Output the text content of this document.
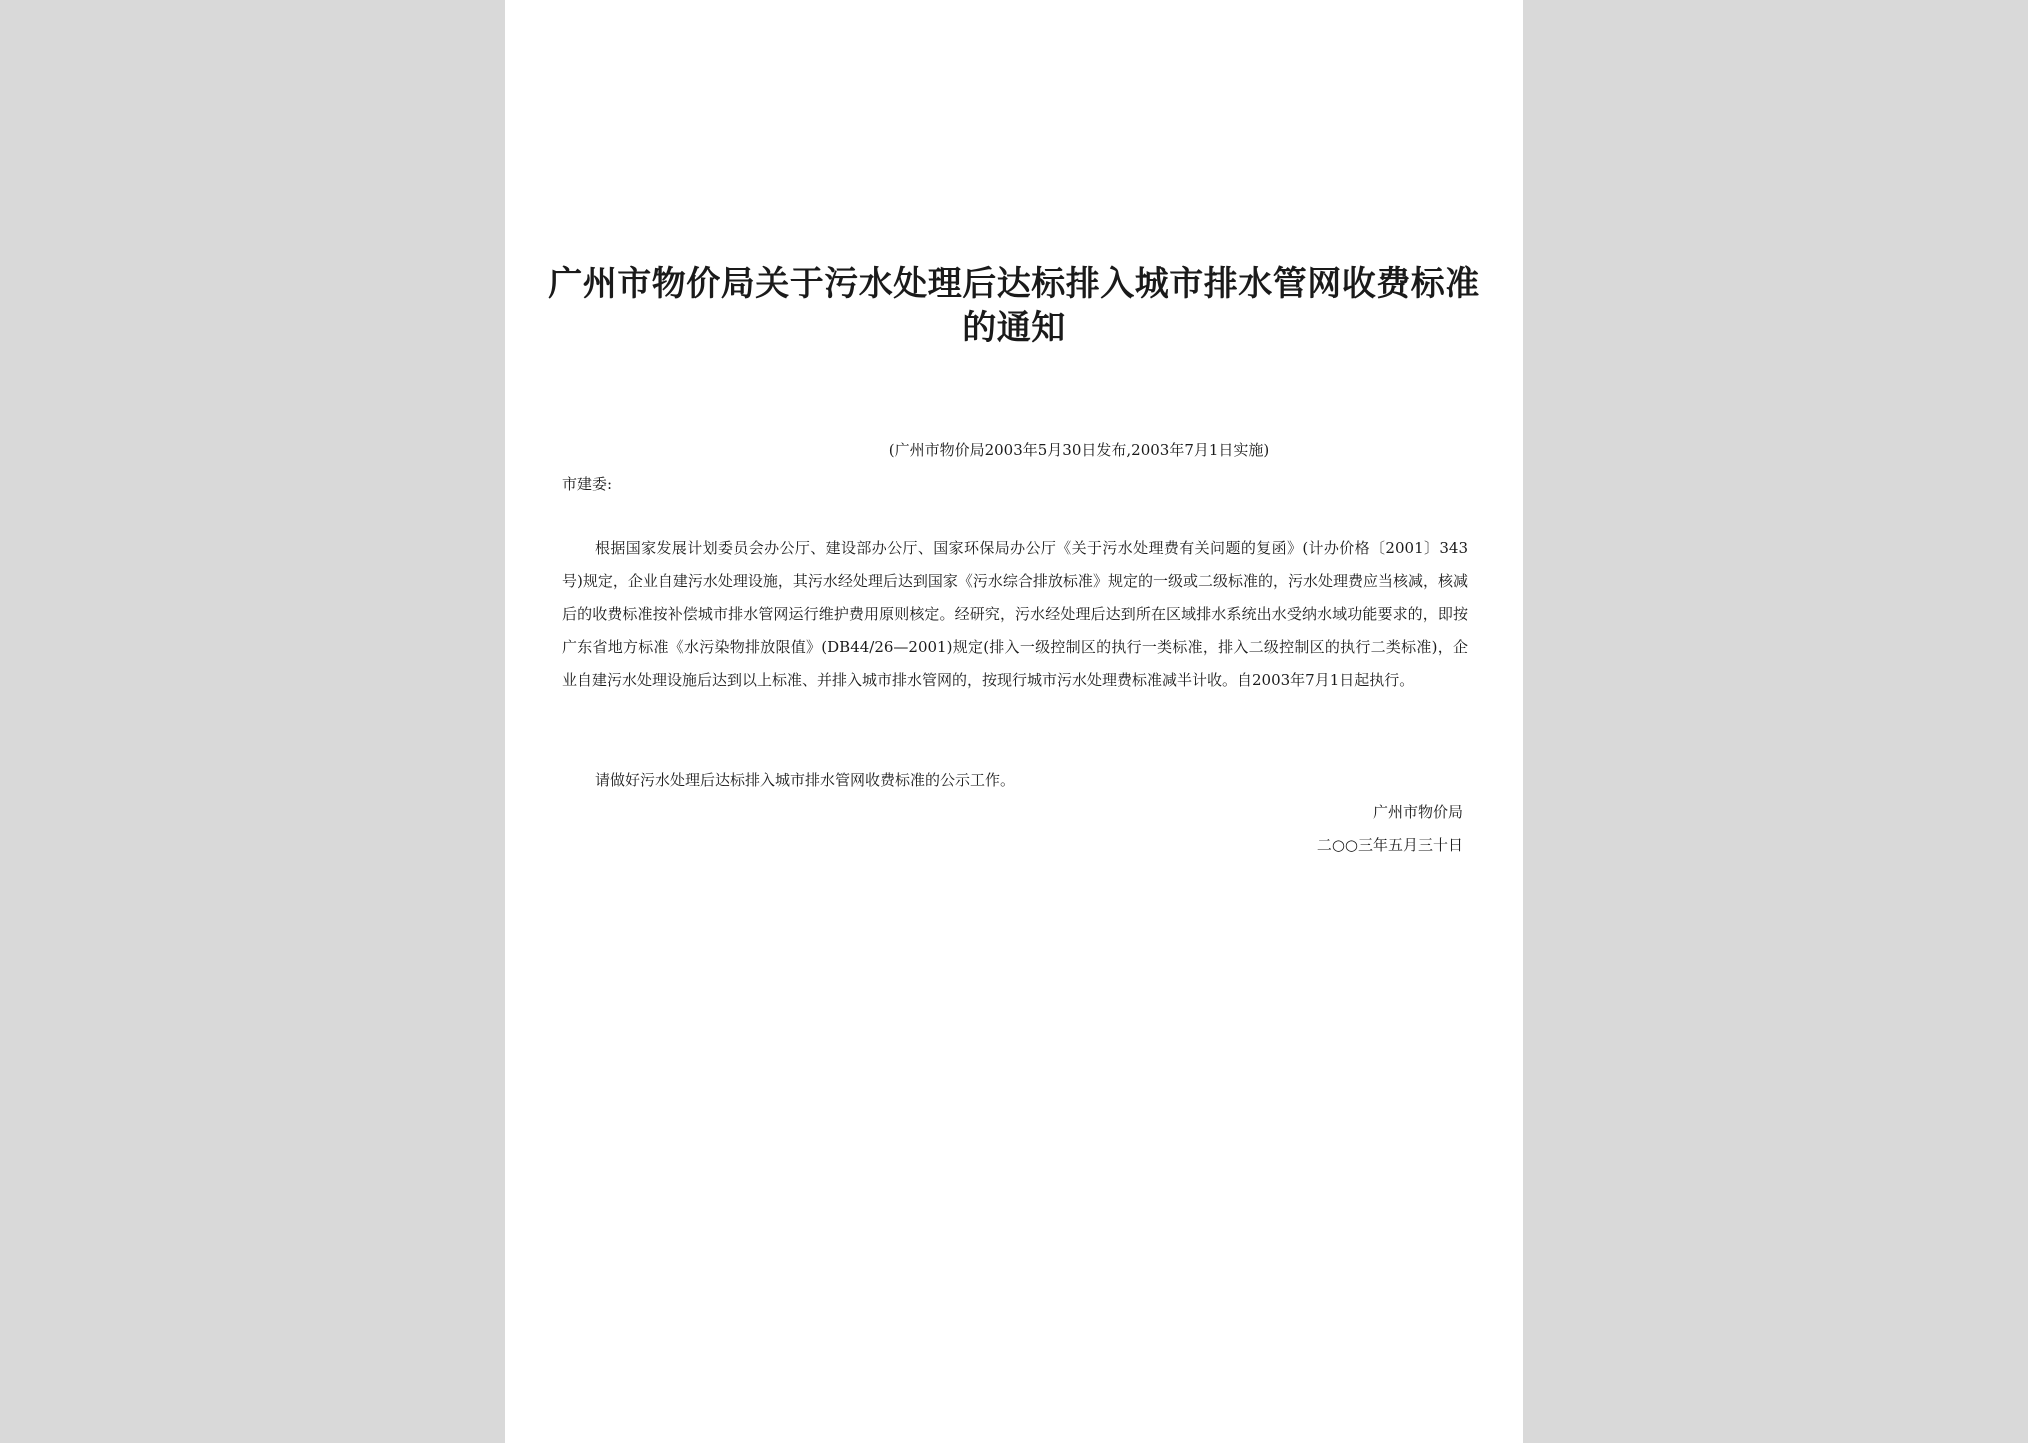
广州市物价局关于污水处理后达标排入城市排水管网收费标准的通知
(广州市物价局2003年5月30日发布,2003年7月1日实施)
市建委:
根据国家发展计划委员会办公厅、建设部办公厅、国家环保局办公厅《关于污水处理费有关问题的复函》(计办价格〔2001〕343号)规定，企业自建污水处理设施，其污水经处理后达到国家《污水综合排放标准》规定的一级或二级标准的，污水处理费应当核减，核减后的收费标准按补偿城市排水管网运行维护费用原则核定。经研究，污水经处理后达到所在区域排水系统出水受纳水域功能要求的，即按广东省地方标准《水污染物排放限值》(DB44/26—2001)规定(排入一级控制区的执行一类标准，排入二级控制区的执行二类标准)，企业自建污水处理设施后达到以上标准、并排入城市排水管网的，按现行城市污水处理费标准减半计收。自2003年7月1日起执行。
请做好污水处理后达标排入城市排水管网收费标准的公示工作。
广州市物价局
二○○三年五月三十日
